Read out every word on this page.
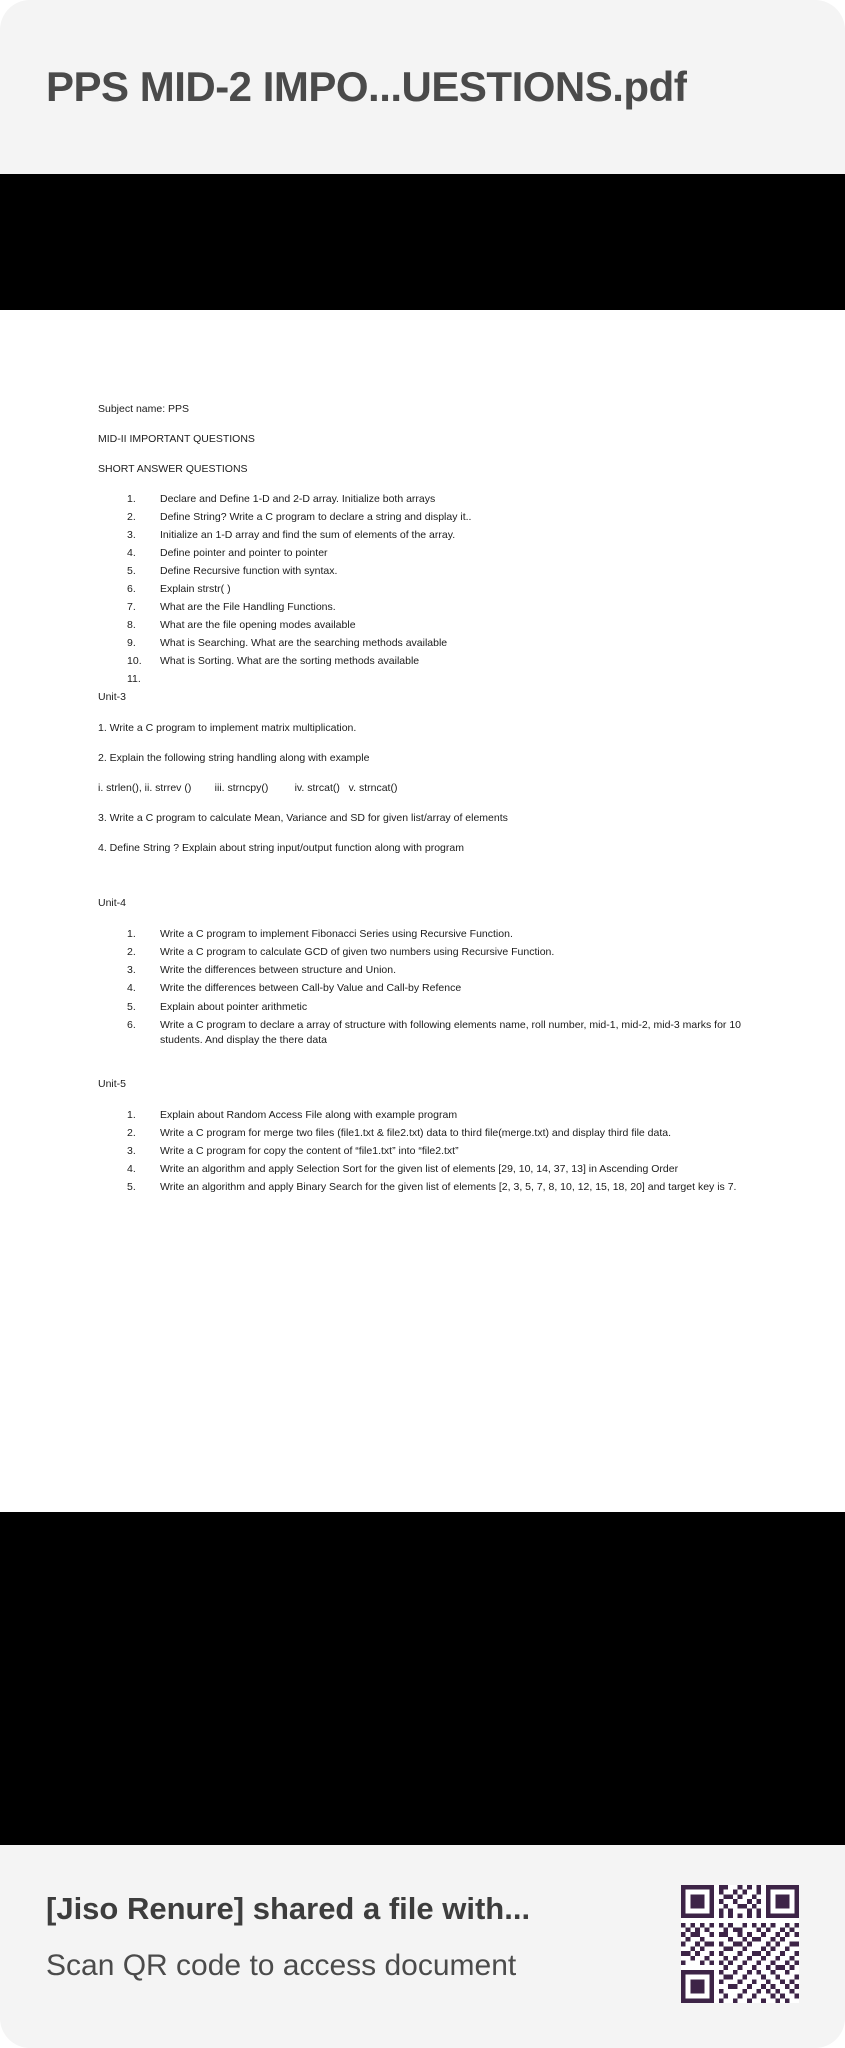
PPS MID-2 IMPO...UESTIONS.pdf

Subject name: PPS

MID-II IMPORTANT QUESTIONS

SHORT ANSWER QUESTIONS

Declare and Define 1-D and 2-D array. Initialize both arrays
Define String? Write a C program to declare a string and display it..
Initialize an 1-D array and find the sum of elements of the array.
Define pointer and pointer to pointer
Define Recursive function with syntax.
Explain strstr( )
What are the File Handling Functions.
What are the file opening modes available
What is Searching. What are the searching methods available
What is Sorting. What are the sorting methods available

Unit-3

1. Write a C program to implement matrix multiplication.

2. Explain the following string handling along with example

i. strlen(), ii. strrev ()        iii. strncpy()         iv. strcat()   v. strncat()

3. Write a C program to calculate Mean, Variance and SD for given list/array of elements

4. Define String ? Explain about string input/output function along with program

Unit-4

Write a C program to implement Fibonacci Series using Recursive Function.
Write a C program to calculate GCD of given two numbers using Recursive Function.
Write the differences between structure and Union.
Write the differences between Call-by Value and Call-by Refence
Explain about pointer arithmetic
Write a C program to declare a array of structure with following elements name, roll number, mid-1, mid-2, mid-3 marks for 10 students. And display the there data

Unit-5

Explain about Random Access File along with example program
Write a C program for merge two files (file1.txt & file2.txt) data to third file(merge.txt) and display third file data.
Write a C program for copy the content of “file1.txt” into “file2.txt”
Write an algorithm and apply Selection Sort for the given list of elements [29, 10, 14, 37, 13] in Ascending Order
Write an algorithm and apply Binary Search for the given list of elements [2, 3, 5, 7, 8, 10, 12, 15, 18, 20] and target key is 7.
[Jiso Renure] shared a file with...
Scan QR code to access document
